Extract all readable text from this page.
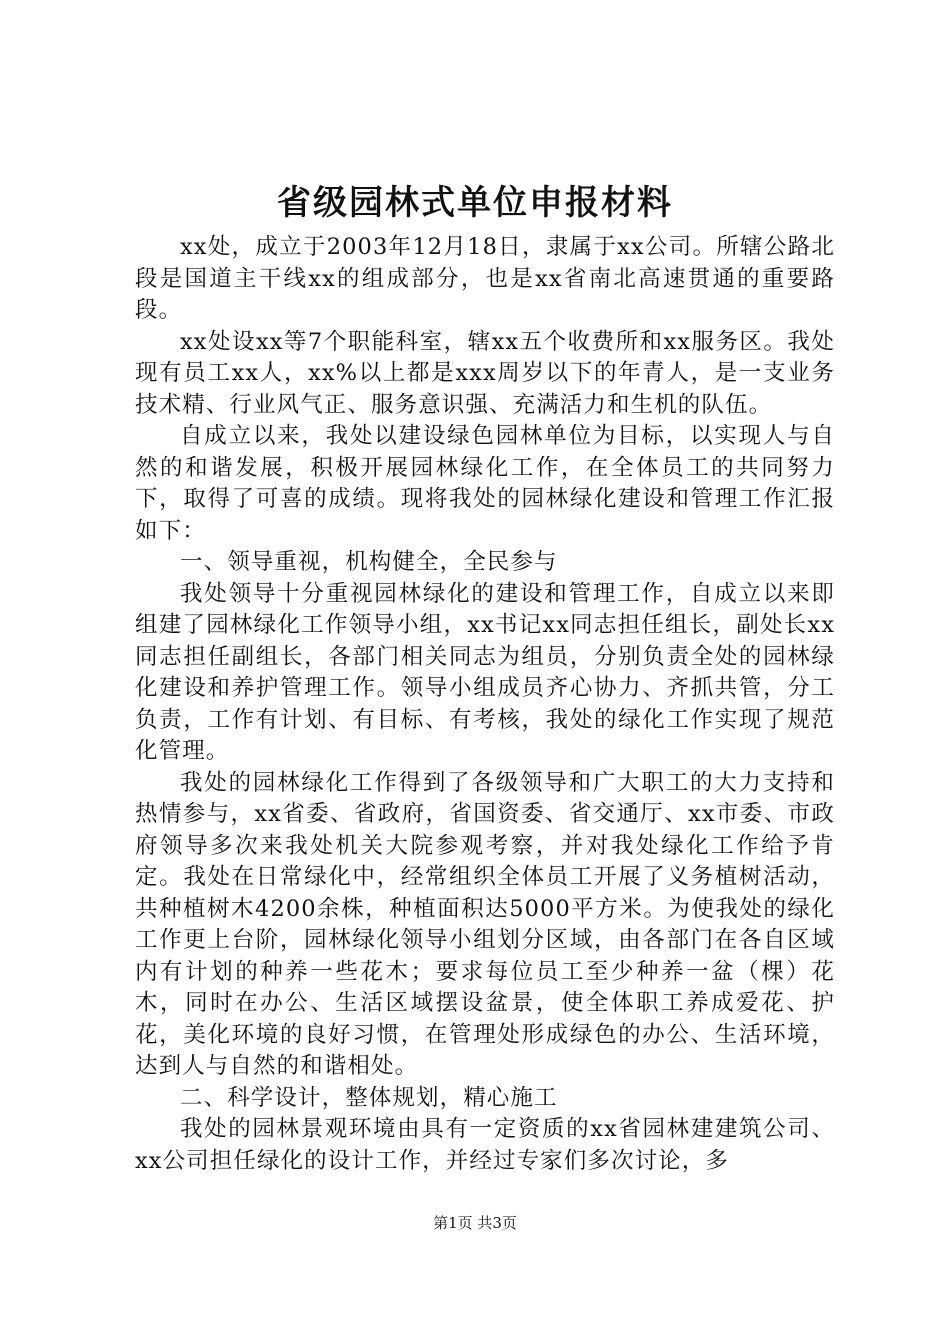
省级园林式单位申报材料

xx处，成立于2003年12月18日，隶属于xx公司。所辖公路北段是国道主干线xx的组成部分，也是xx省南北高速贯通的重要路段。

xx处设xx等7个职能科室，辖xx五个收费所和xx服务区。我处现有员工xx人，xx%以上都是xxx周岁以下的年青人，是一支业务技术精、行业风气正、服务意识强、充满活力和生机的队伍。

自成立以来，我处以建设绿色园林单位为目标，以实现人与自然的和谐发展，积极开展园林绿化工作，在全体员工的共同努力下，取得了可喜的成绩。现将我处的园林绿化建设和管理工作汇报如下：

一、领导重视，机构健全，全民参与

我处领导十分重视园林绿化的建设和管理工作，自成立以来即组建了园林绿化工作领导小组，xx书记xx同志担任组长，副处长xx同志担任副组长，各部门相关同志为组员，分别负责全处的园林绿化建设和养护管理工作。领导小组成员齐心协力、齐抓共管，分工负责，工作有计划、有目标、有考核，我处的绿化工作实现了规范化管理。

我处的园林绿化工作得到了各级领导和广大职工的大力支持和热情参与，xx省委、省政府，省国资委、省交通厅、xx市委、市政府领导多次来我处机关大院参观考察，并对我处绿化工作给予肯定。我处在日常绿化中，经常组织全体员工开展了义务植树活动，共种植树木4200余株，种植面积达5000平方米。为使我处的绿化工作更上台阶，园林绿化领导小组划分区域，由各部门在各自区域内有计划的种养一些花木；要求每位员工至少种养一盆（棵）花木，同时在办公、生活区域摆设盆景，使全体职工养成爱花、护花，美化环境的良好习惯，在管理处形成绿色的办公、生活环境，达到人与自然的和谐相处。

二、科学设计，整体规划，精心施工

我处的园林景观环境由具有一定资质的xx省园林建建筑公司、xx公司担任绿化的设计工作，并经过专家们多次讨论，多

第1页 共3页
